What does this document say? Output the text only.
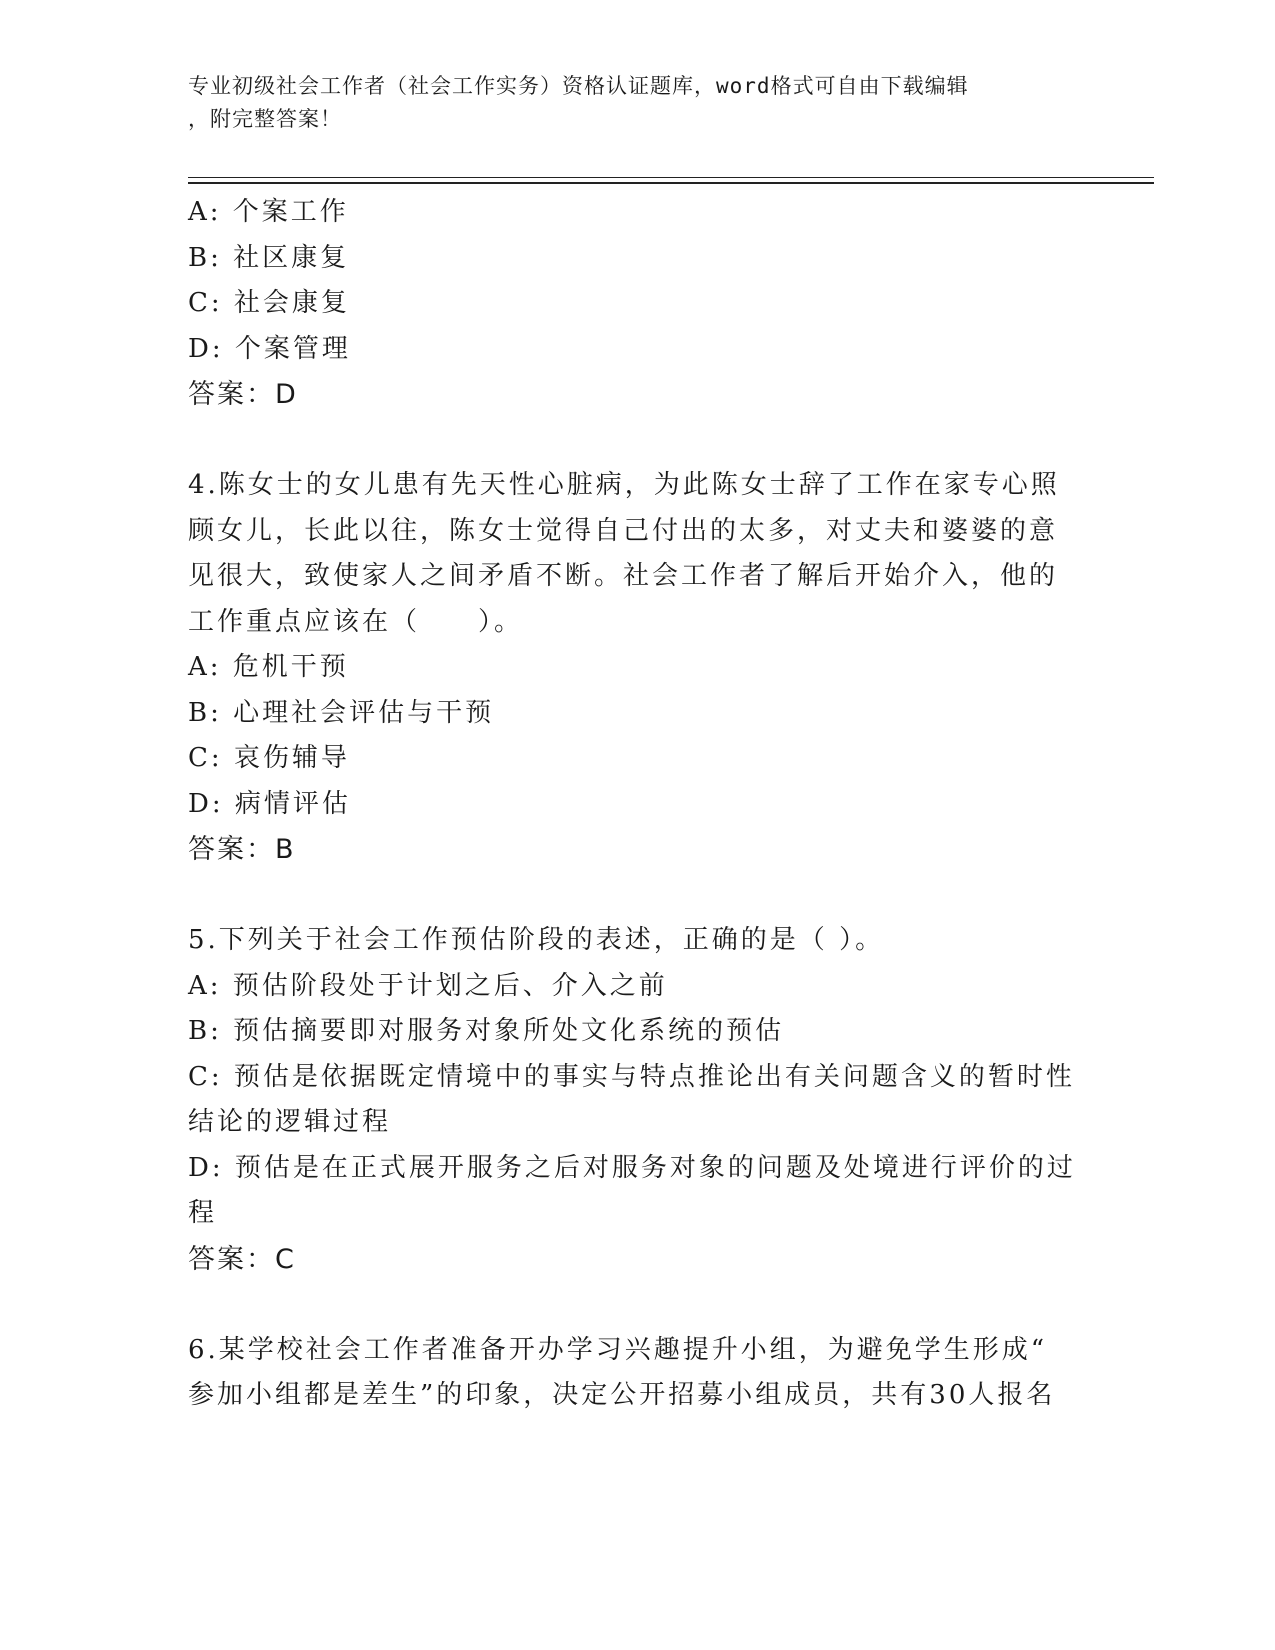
专业初级社会工作者（社会工作实务）资格认证题库，word格式可自由下载编辑
，附完整答案！
A: 个案工作
B: 社区康复
C: 社会康复
D: 个案管理
答案：D
4.陈女士的女儿患有先天性心脏病，为此陈女士辞了工作在家专心照
顾女儿，长此以往，陈女士觉得自己付出的太多，对丈夫和婆婆的意
见很大，致使家人之间矛盾不断。社会工作者了解后开始介入，他的
工作重点应该在（　　）。
A: 危机干预
B: 心理社会评估与干预
C: 哀伤辅导
D: 病情评估
答案：B
5.下列关于社会工作预估阶段的表述，正确的是（ ）。
A: 预估阶段处于计划之后、介入之前
B: 预估摘要即对服务对象所处文化系统的预估
C: 预估是依据既定情境中的事实与特点推论出有关问题含义的暂时性
结论的逻辑过程
D: 预估是在正式展开服务之后对服务对象的问题及处境进行评价的过
程
答案：C
6.某学校社会工作者准备开办学习兴趣提升小组，为避免学生形成“
参加小组都是差生”的印象，决定公开招募小组成员，共有30人报名
